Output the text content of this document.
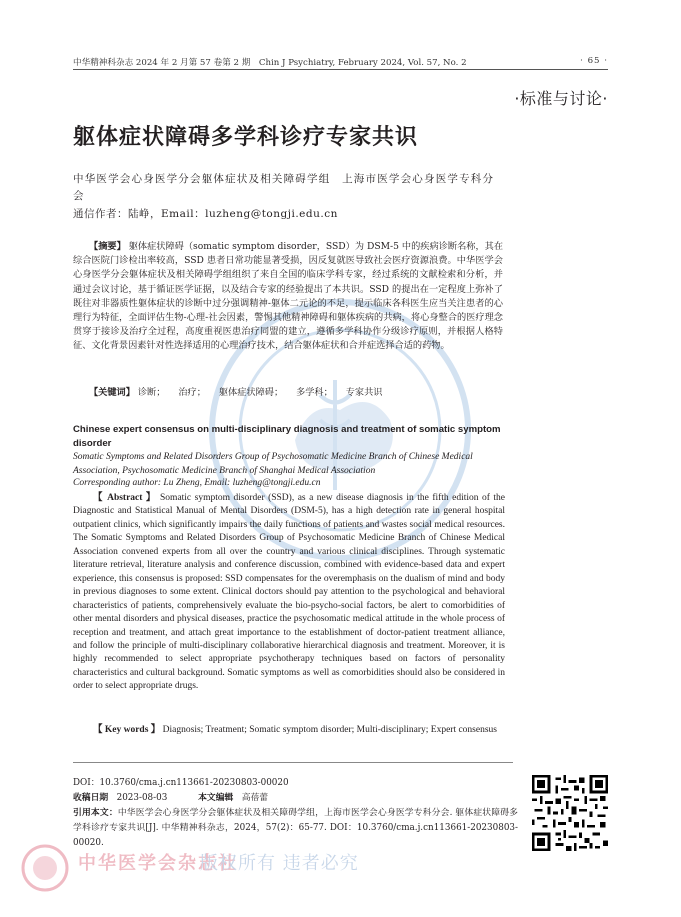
中华精神科杂志 2024 年 2 月第 57 卷第 2 期　Chin J Psychiatry, February 2024, Vol. 57, No. 2	· 65 ·
·标准与讨论·
躯体症状障碍多学科诊疗专家共识
中华医学会心身医学分会躯体症状及相关障碍学组　上海市医学会心身医学专科分会
通信作者：陆峥，Email：luzheng@tongji.edu.cn
【摘要】 躯体症状障碍（somatic symptom disorder，SSD）为 DSM-5 中的疾病诊断名称，其在综合医院门诊检出率较高，SSD 患者日常功能显著受损，因反复就医导致社会医疗资源浪费。中华医学会心身医学分会躯体症状及相关障碍学组组织了来自全国的临床学科专家，经过系统的文献检索和分析，并通过会议讨论，基于循证医学证据，以及结合专家的经验提出了本共识。SSD 的提出在一定程度上弥补了既往对非器质性躯体症状的诊断中过分强调精神-躯体二元论的不足，提示临床各科医生应当关注患者的心理行为特征，全面评估生物-心理-社会因素，警惕其他精神障碍和躯体疾病的共病，将心身整合的医疗理念贯穿于接诊及治疗全过程，高度重视医患治疗同盟的建立，遵循多学科协作分级诊疗原则，并根据人格特征、文化背景因素针对性选择适用的心理治疗技术，结合躯体症状和合并症选择合适的药物。
【关键词】 诊断； 治疗； 躯体症状障碍； 多学科； 专家共识
Chinese expert consensus on multi-disciplinary diagnosis and treatment of somatic symptom disorder
Somatic Symptoms and Related Disorders Group of Psychosomatic Medicine Branch of Chinese Medical Association, Psychosomatic Medicine Branch of Shanghai Medical Association
Corresponding author: Lu Zheng, Email: luzheng@tongji.edu.cn
【 Abstract 】 Somatic symptom disorder (SSD), as a new disease diagnosis in the fifth edition of the Diagnostic and Statistical Manual of Mental Disorders (DSM-5), has a high detection rate in general hospital outpatient clinics, which significantly impairs the daily functions of patients and wastes social medical resources. The Somatic Symptoms and Related Disorders Group of Psychosomatic Medicine Branch of Chinese Medical Association convened experts from all over the country and various clinical disciplines. Through systematic literature retrieval, literature analysis and conference discussion, combined with evidence-based data and expert experience, this consensus is proposed: SSD compensates for the overemphasis on the dualism of mind and body in previous diagnoses to some extent. Clinical doctors should pay attention to the psychological and behavioral characteristics of patients, comprehensively evaluate the bio-psycho-social factors, be alert to comorbidities of other mental disorders and physical diseases, practice the psychosomatic medical attitude in the whole process of reception and treatment, and attach great importance to the establishment of doctor-patient treatment alliance, and follow the principle of multi-disciplinary collaborative hierarchical diagnosis and treatment. Moreover, it is highly recommended to select appropriate psychotherapy techniques based on factors of personality characteristics and cultural background. Somatic symptoms as well as comorbidities should also be considered in order to select appropriate drugs.
【 Key words 】 Diagnosis; Treatment; Somatic symptom disorder; Multi-disciplinary; Expert consensus
DOI：10.3760/cma.j.cn113661-20230803-00020
收稿日期 2023-08-03	本文编辑 高蓓蕾
引用本文：中华医学会心身医学分会躯体症状及相关障碍学组，上海市医学会心身医学专科分会. 躯体症状障碍多学科诊疗专家共识[J]. 中华精神科杂志，2024，57(2)：65-77. DOI：10.3760/cma.j.cn113661-20230803-00020.
中华医学会杂志社
版权所有 违者必究
